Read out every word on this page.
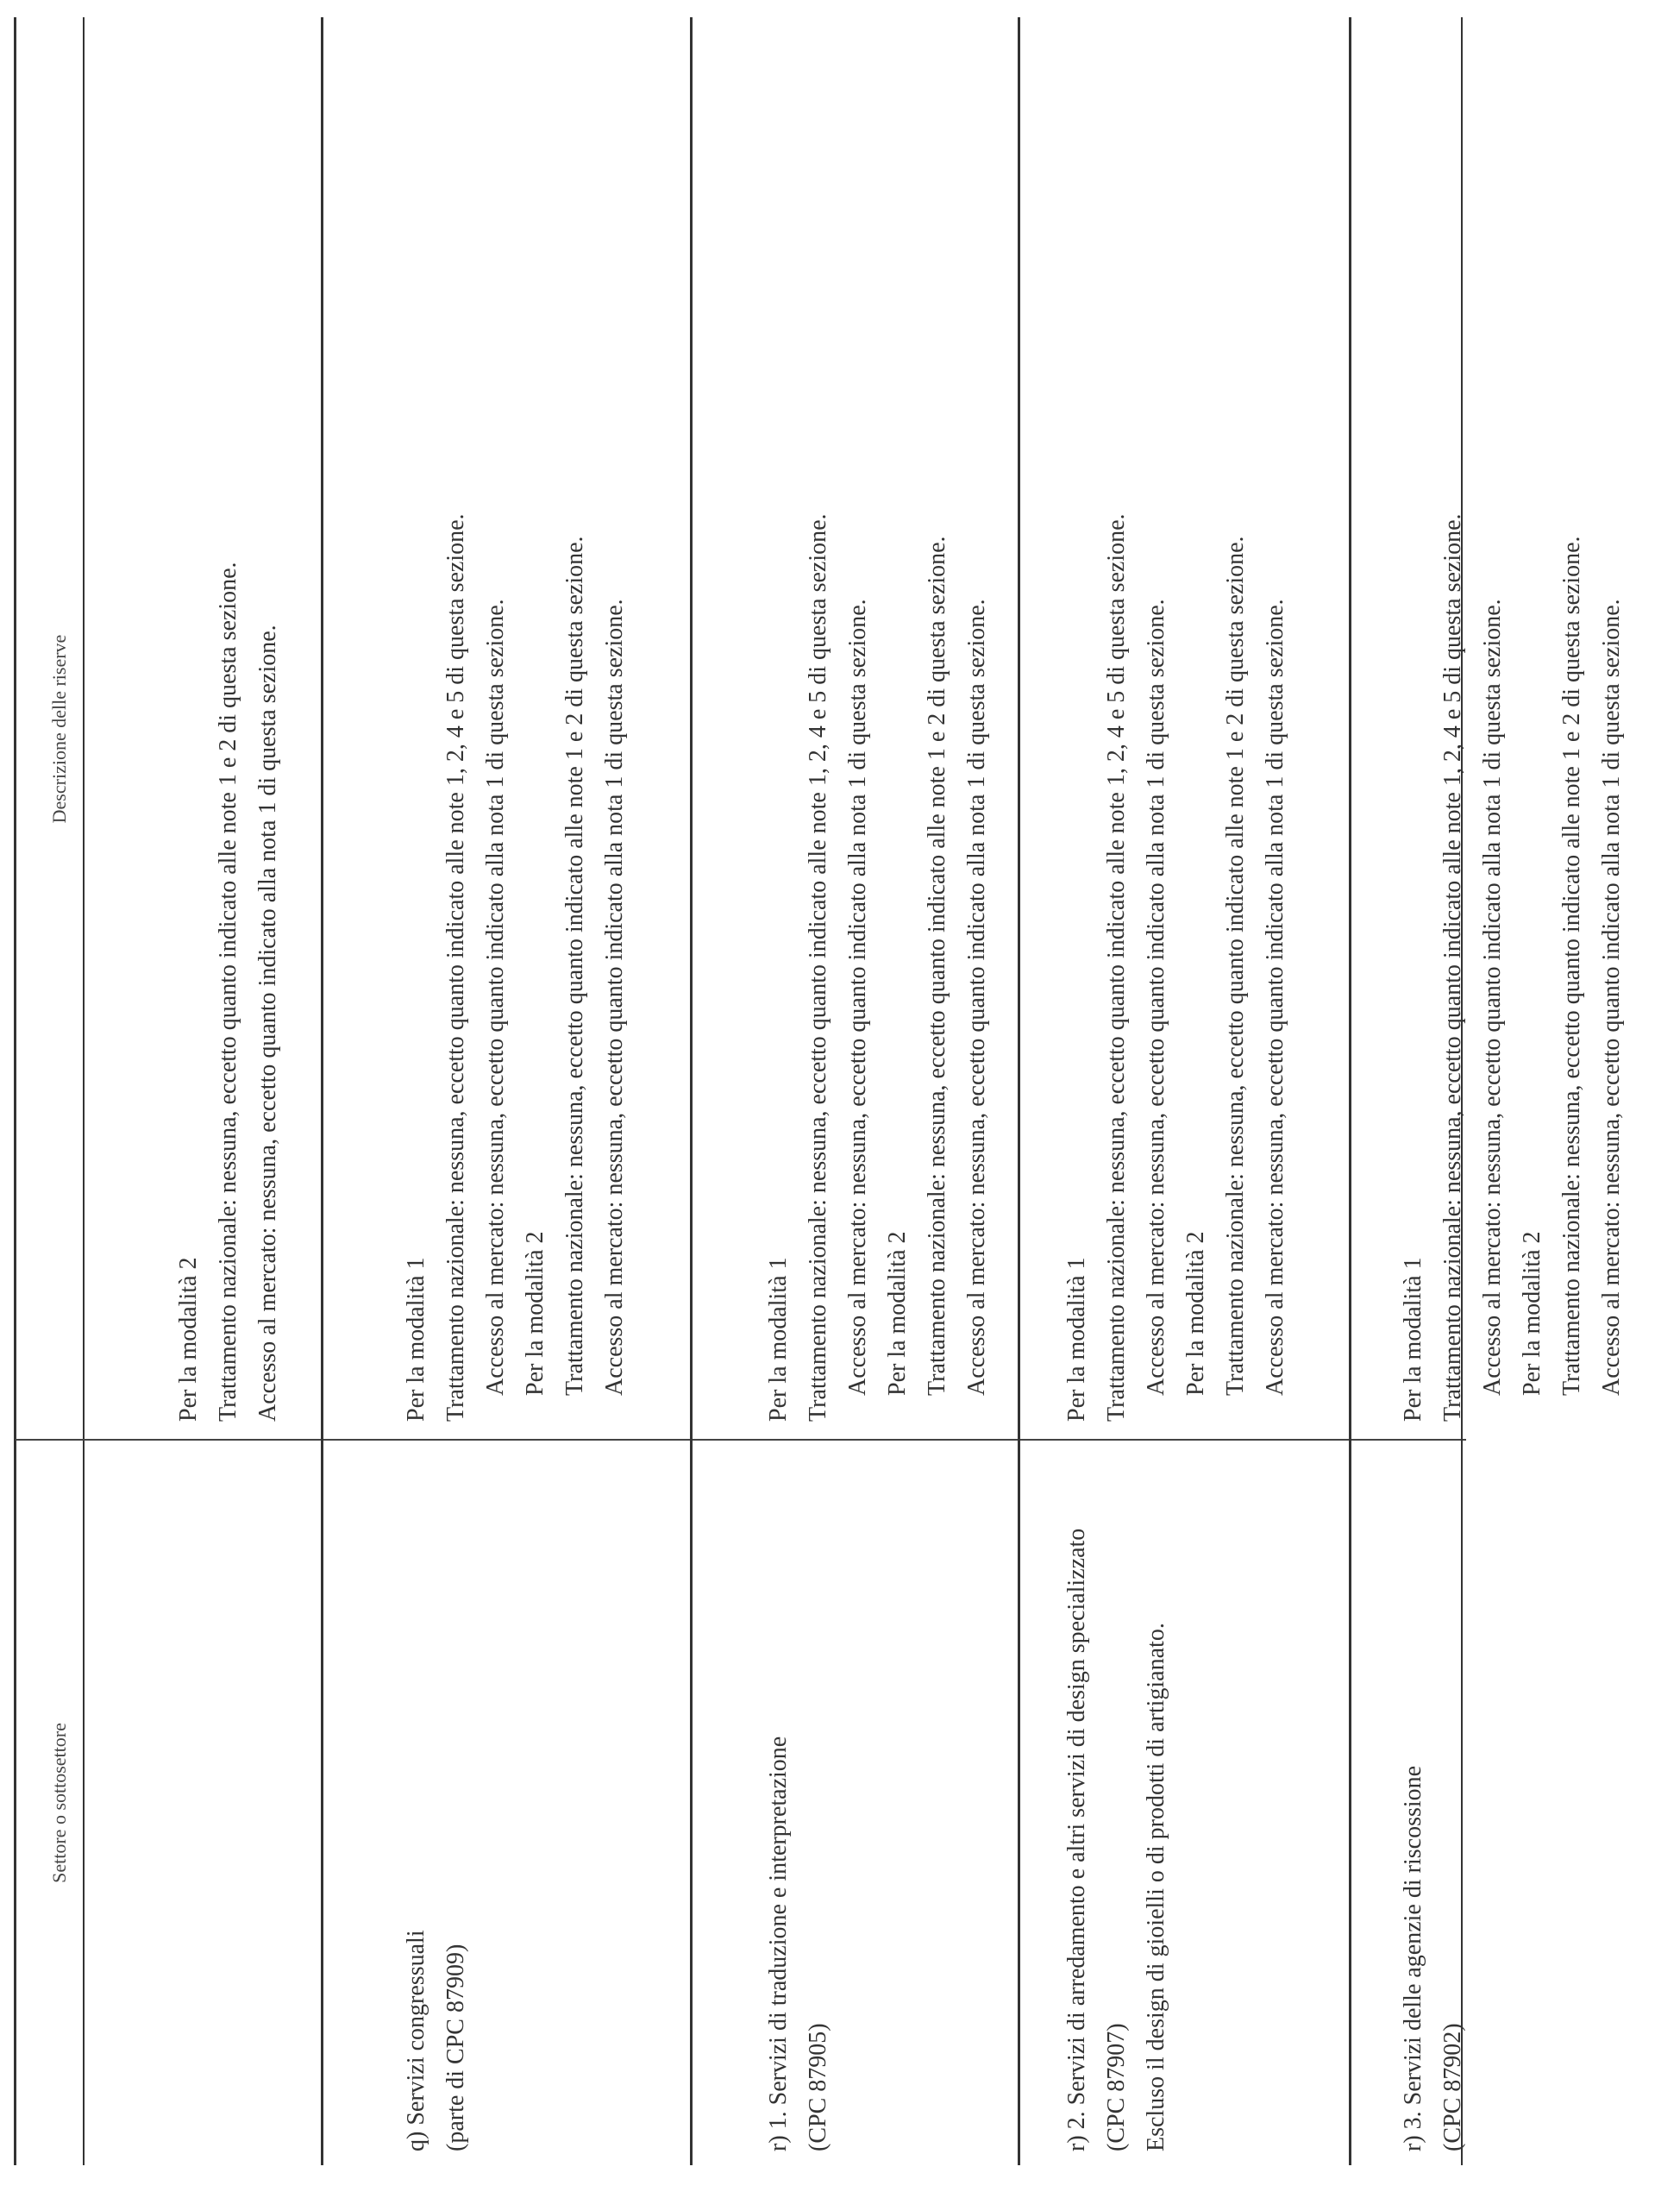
Settore o sottosettore
Descrizione delle riserve
Per la modalità 2 Trattamento nazionale: nessuna, eccetto quanto indicato alle note 1 e 2 di questa sezione. Accesso al mercato: nessuna, eccetto quanto indicato alla nota 1 di questa sezione.
q) Servizi congressuali (parte di CPC 87909)
Per la modalità 1 Trattamento nazionale: nessuna, eccetto quanto indicato alle note 1, 2, 4 e 5 di questa sezione. Accesso al mercato: nessuna, eccetto quanto indicato alla nota 1 di questa sezione. Per la modalità 2 Trattamento nazionale: nessuna, eccetto quanto indicato alle note 1 e 2 di questa sezione. Accesso al mercato: nessuna, eccetto quanto indicato alla nota 1 di questa sezione.
r) 1. Servizi di traduzione e interpretazione (CPC 87905)
Per la modalità 1 Trattamento nazionale: nessuna, eccetto quanto indicato alle note 1, 2, 4 e 5 di questa sezione. Accesso al mercato: nessuna, eccetto quanto indicato alla nota 1 di questa sezione. Per la modalità 2 Trattamento nazionale: nessuna, eccetto quanto indicato alle note 1 e 2 di questa sezione. Accesso al mercato: nessuna, eccetto quanto indicato alla nota 1 di questa sezione.
r) 2. Servizi di arredamento e altri servizi di design specializzato (CPC 87907) Escluso il design di gioielli o di prodotti di artigianato.
Per la modalità 1 Trattamento nazionale: nessuna, eccetto quanto indicato alle note 1, 2, 4 e 5 di questa sezione. Accesso al mercato: nessuna, eccetto quanto indicato alla nota 1 di questa sezione. Per la modalità 2 Trattamento nazionale: nessuna, eccetto quanto indicato alle note 1 e 2 di questa sezione. Accesso al mercato: nessuna, eccetto quanto indicato alla nota 1 di questa sezione.
r) 3. Servizi delle agenzie di riscossione (CPC 87902)
Per la modalità 1 Trattamento nazionale: nessuna, eccetto quanto indicato alle note 1, 2, 4 e 5 di questa sezione. Accesso al mercato: nessuna, eccetto quanto indicato alla nota 1 di questa sezione. Per la modalità 2 Trattamento nazionale: nessuna, eccetto quanto indicato alle note 1 e 2 di questa sezione. Accesso al mercato: nessuna, eccetto quanto indicato alla nota 1 di questa sezione.
